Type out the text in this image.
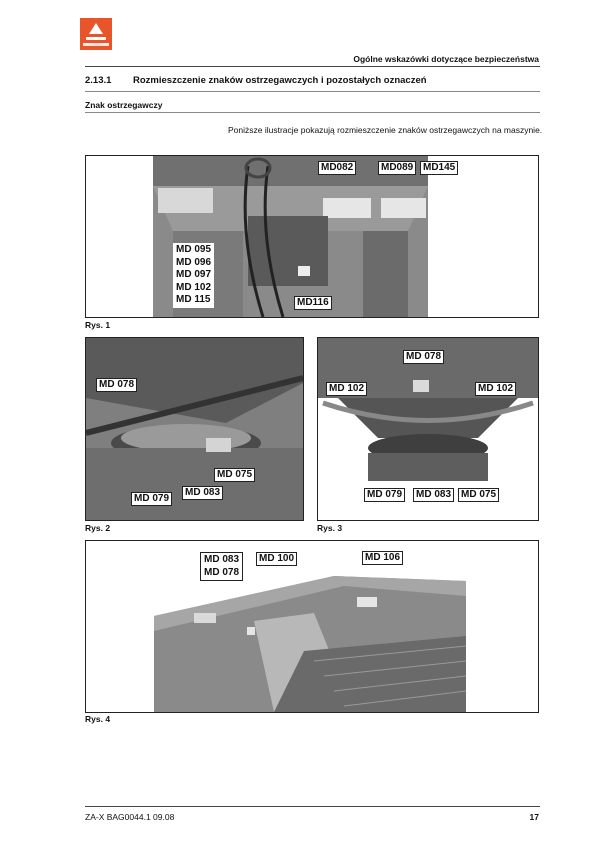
Ogólne wskazówki dotyczące bezpieczeństwa
2.13.1 Rozmieszczenie znaków ostrzegawczych i pozostałych oznaczeń
Znak ostrzegawczy
Poniższe ilustracje pokazują rozmieszczenie znaków ostrzegawczych na maszynie.
MD082	MD089 MD145
MD 095
MD 096
MD 097
MD 102
MD 115	MD116
Rys. 1
MD 078
MD 075
MD 083
MD 079
Rys. 2
MD 078
MD 102	MD 102
MD 079	MD 083 MD 075
Rys. 3
MD 083
MD 078
MD 100	MD 106
Rys. 4
ZA-X BAG0044.1 09.08	17
